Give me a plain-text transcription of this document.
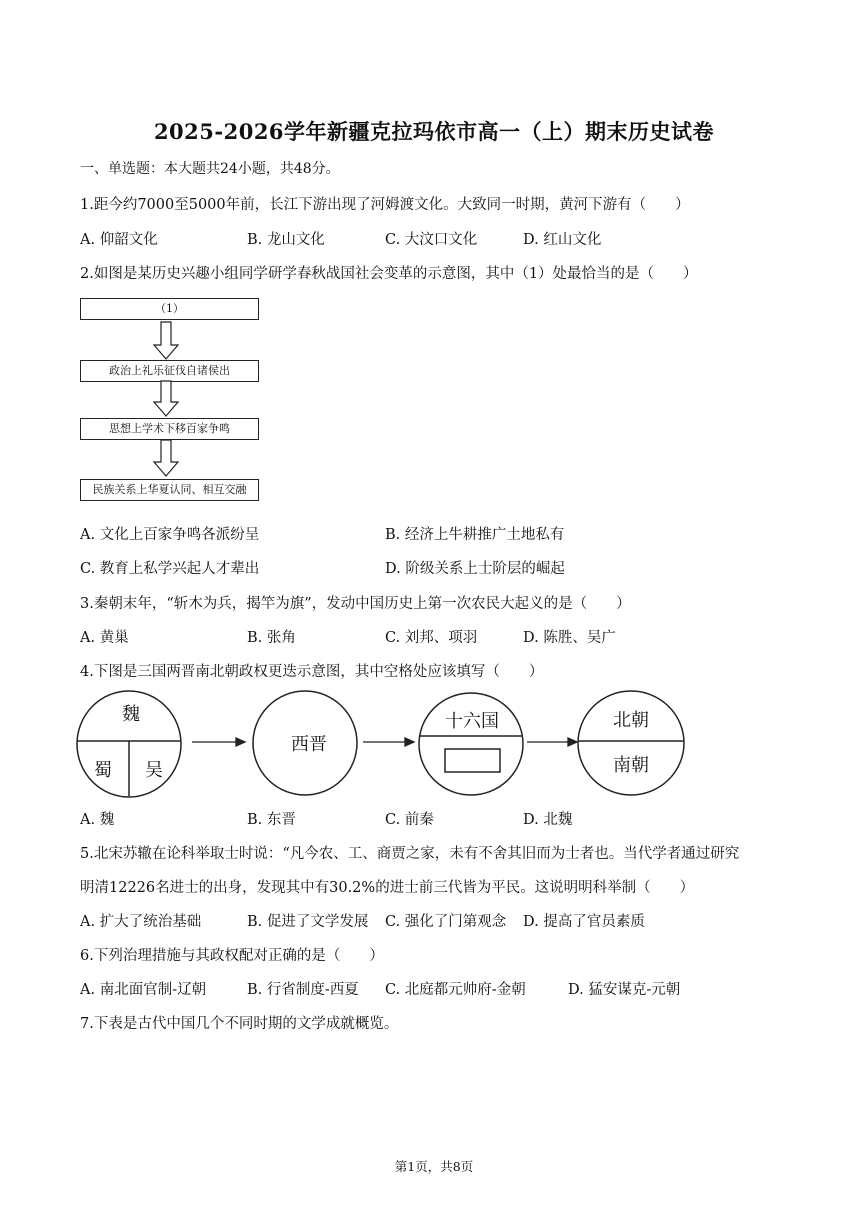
2025-2026学年新疆克拉玛依市高一（上）期末历史试卷
一、单选题：本大题共24小题，共48分。
1.距今约7000至5000年前，长江下游出现了河姆渡文化。大致同一时期，黄河下游有（　　）
A. 仰韶文化	B. 龙山文化	C. 大汶口文化	D. 红山文化
2.如图是某历史兴趣小组同学研学春秋战国社会变革的示意图，其中（1）处最恰当的是（　　）
（1）
政治上礼乐征伐自诸侯出
思想上学术下移百家争鸣
民族关系上华夏认同、相互交融
A. 文化上百家争鸣各派纷呈	B. 经济上牛耕推广土地私有
C. 教育上私学兴起人才辈出	D. 阶级关系上士阶层的崛起
3.秦朝末年，“斩木为兵，揭竿为旗”，发动中国历史上第一次农民大起义的是（　　）
A. 黄巢	B. 张角	C. 刘邦、项羽	D. 陈胜、吴广
4.下图是三国两晋南北朝政权更迭示意图，其中空格处应该填写（　　）
魏
蜀 吴
西晋
十六国	北朝
南朝
A. 魏	B. 东晋	C. 前秦	D. 北魏
5.北宋苏辙在论科举取士时说：“凡今农、工、商贾之家，未有不舍其旧而为士者也。当代学者通过研究
明清12226名进士的出身，发现其中有30.2%的进士前三代皆为平民。这说明明科举制（　　）
A. 扩大了统治基础	B. 促进了文学发展 C. 强化了门第观念 D. 提高了官员素质
6.下列治理措施与其政权配对正确的是（　　）
A. 南北面官制-辽朝	B. 行省制度-西夏 C. 北庭都元帅府-金朝	D. 猛安谋克-元朝
7.下表是古代中国几个不同时期的文学成就概览。
第1页，共8页
